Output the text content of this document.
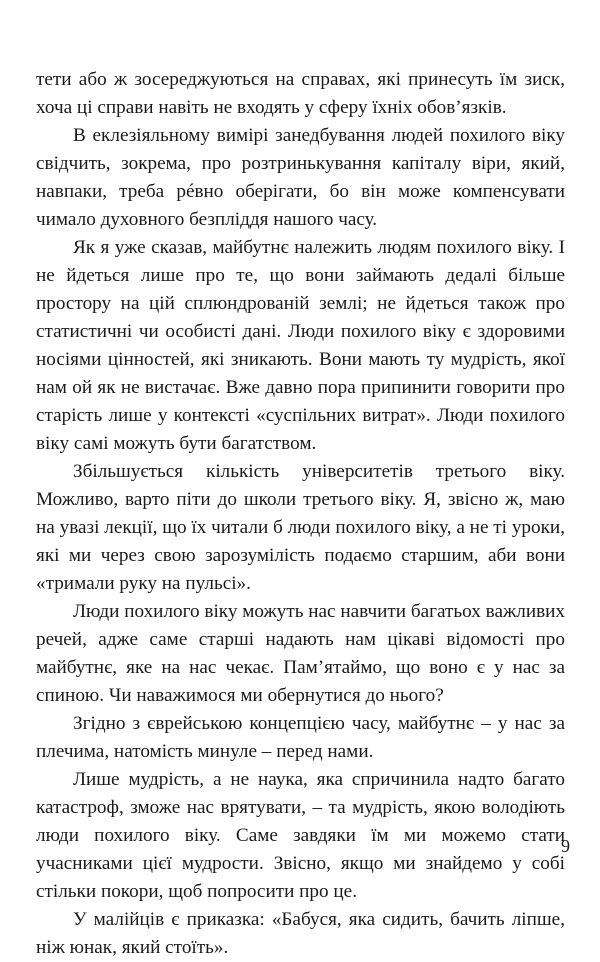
тети або ж зосереджуються на справах, які принесуть їм зиск, хоча ці справи навіть не входять у сферу їхніх обов’язків.

В еклезіяльному вимірі занедбування людей похилого віку свідчить, зокрема, про розтринькування капіталу віри, який, навпаки, треба рéвно оберігати, бо він може компенсувати чимало духовного безпліддя нашого часу.

Як я уже сказав, майбутнє належить людям похилого віку. І не йдеться лише про те, що вони займають дедалі більше простору на цій сплюндрованій землі; не йдеться також про статистичні чи особисті дані. Люди похилого віку є здоровими носіями цінностей, які зникають. Вони мають ту мудрість, якої нам ой як не вистачає. Вже давно пора припинити говорити про старість лише у контексті «суспільних витрат». Люди похилого віку самі можуть бути багатством.

Збільшується кількість університетів третього віку. Можливо, варто піти до школи третього віку. Я, звісно ж, маю на увазі лекції, що їх читали б люди похилого віку, а не ті уроки, які ми через свою зарозумілість подаємо старшим, аби вони «тримали руку на пульсі».

Люди похилого віку можуть нас навчити багатьох важливих речей, адже саме старші надають нам цікаві відомості про майбутнє, яке на нас чекає. Пам’ятаймо, що воно є у нас за спиною. Чи наважимося ми обернутися до нього?

Згідно з єврейською концепцією часу, майбутнє – у нас за плечима, натомість минуле – перед нами.

Лише мудрість, а не наука, яка спричинила надто багато катастроф, зможе нас врятувати, – та мудрість, якою володіють люди похилого віку. Саме завдяки їм ми можемо стати учасниками цієї мудрости. Звісно, якщо ми знайдемо у собі стільки покори, щоб попросити про це.

У малійців є приказка: «Бабуся, яка сидить, бачить ліпше, ніж юнак, який стоїть».

9
